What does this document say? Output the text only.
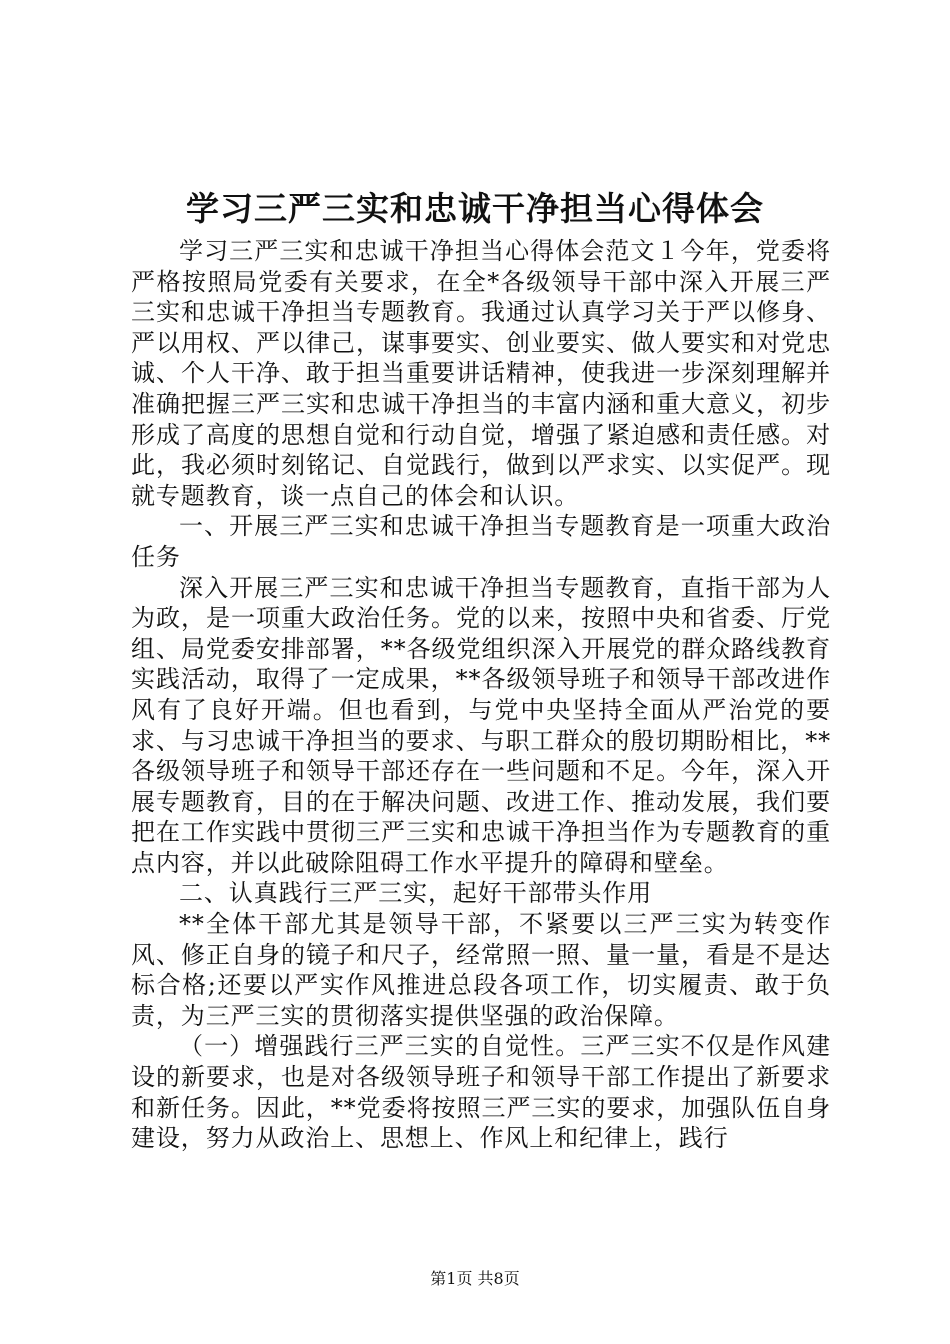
学习三严三实和忠诚干净担当心得体会

学习三严三实和忠诚干净担当心得体会范文１今年，党委将严格按照局党委有关要求，在全*各级领导干部中深入开展三严三实和忠诚干净担当专题教育。我通过认真学习关于严以修身、严以用权、严以律己，谋事要实、创业要实、做人要实和对党忠诚、个人干净、敢于担当重要讲话精神，使我进一步深刻理解并准确把握三严三实和忠诚干净担当的丰富内涵和重大意义，初步形成了高度的思想自觉和行动自觉，增强了紧迫感和责任感。对此，我必须时刻铭记、自觉践行，做到以严求实、以实促严。现就专题教育，谈一点自己的体会和认识。

一、开展三严三实和忠诚干净担当专题教育是一项重大政治任务

深入开展三严三实和忠诚干净担当专题教育，直指干部为人为政，是一项重大政治任务。党的以来，按照中央和省委、厅党组、局党委安排部署，**各级党组织深入开展党的群众路线教育实践活动，取得了一定成果，**各级领导班子和领导干部改进作风有了良好开端。但也看到，与党中央坚持全面从严治党的要求、与习忠诚干净担当的要求、与职工群众的殷切期盼相比，**各级领导班子和领导干部还存在一些问题和不足。今年，深入开展专题教育，目的在于解决问题、改进工作、推动发展，我们要把在工作实践中贯彻三严三实和忠诚干净担当作为专题教育的重点内容，并以此破除阻碍工作水平提升的障碍和壁垒。

二、认真践行三严三实，起好干部带头作用

**全体干部尤其是领导干部，不紧要以三严三实为转变作风、修正自身的镜子和尺子，经常照一照、量一量，看是不是达标合格;还要以严实作风推进总段各项工作，切实履责、敢于负责，为三严三实的贯彻落实提供坚强的政治保障。

（一）增强践行三严三实的自觉性。三严三实不仅是作风建设的新要求，也是对各级领导班子和领导干部工作提出了新要求和新任务。因此，**党委将按照三严三实的要求，加强队伍自身建设，努力从政治上、思想上、作风上和纪律上，践行

第1页 共8页
